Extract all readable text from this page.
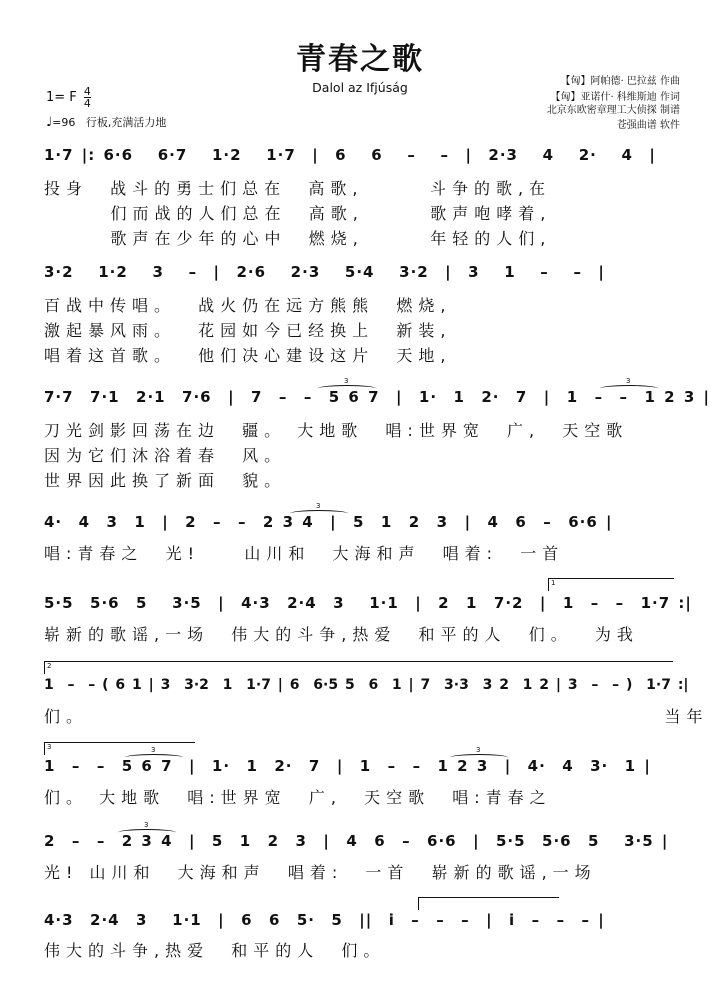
青春之歌
Dalol az Ifjúság
1= F $\frac{4}{4}$
♩=96 行板,充满活力地
【匈】阿帕德· 巴拉兹 作曲
【匈】亚诺什· 科维斯迪 作词
北京东欧密章理工大侦探 制谱
苍强曲谱 软件
1·7 |: 6·6   6·7   1·2   1·7  |  6   6   –   –  |  2·3   4   2·   4  |
投身  战斗的勇士们总在  高歌,      斗争的歌,在
们而战的人们总在  高歌,      歌声咆哮着,
歌声在少年的心中  燃烧,      年轻的人们,
3·2   1·2   3   –  |  2·6   2·3   5·4   3·2  |  3   1   –   –  |
百战中传唱。  战火仍在远方熊熊  燃烧,
激起暴风雨。  花园如今已经换上  新装,
唱着这首歌。  他们决心建设这片  天地,
7·7  7·1  2·1  7·6  |  7  –  –  5 6 7  |  1·  1  2·  7  |  1  –  –  1 2 3 |
刀光剑影回荡在边  疆。 大地歌  唱:世界宽  广,  天空歌
因为它们沐浴着春  风。
世界因此换了新面  貌。
4·  4  3  1  |  2  –  –  2 3 4  |  5  1  2  3  |  4  6  –  6·6 |
唱:青春之  光!    山川和  大海和声  唱着:  一首
5·5  5·6  5   3·5  |  4·3  2·4  3   1·1  |  2  1  7·2  |  1  –  –  1·7 :|
崭新的歌谣,一场  伟大的斗争,热爱  和平的人  们。  为我
1  –  – ( 6 1 | 3  3·2  1  1·7 | 6  6·5 5  6  1 | 7  3·3  3 2  1 2 | 3  –  – )  1·7 :|
们。                                                    当年
1  –  –  5 6 7  |  1·  1  2·  7  |  1  –  –  1 2 3  |  4·  4  3·  1 |
们。 大地歌  唱:世界宽  广,  天空歌  唱:青春之
2  –  –  2 3 4  |  5  1  2  3  |  4  6  –  6·6  |  5·5  5·6  5   3·5 |
光! 山川和  大海和声  唱着:  一首  崭新的歌谣,一场
4·3  2·4  3   1·1  |  6  6  5·  5  ||  i  –  –  –  |  i  –  –  – |
伟大的斗争,热爱  和平的人  们。
1
2
3
3	3
3
3	3
3
